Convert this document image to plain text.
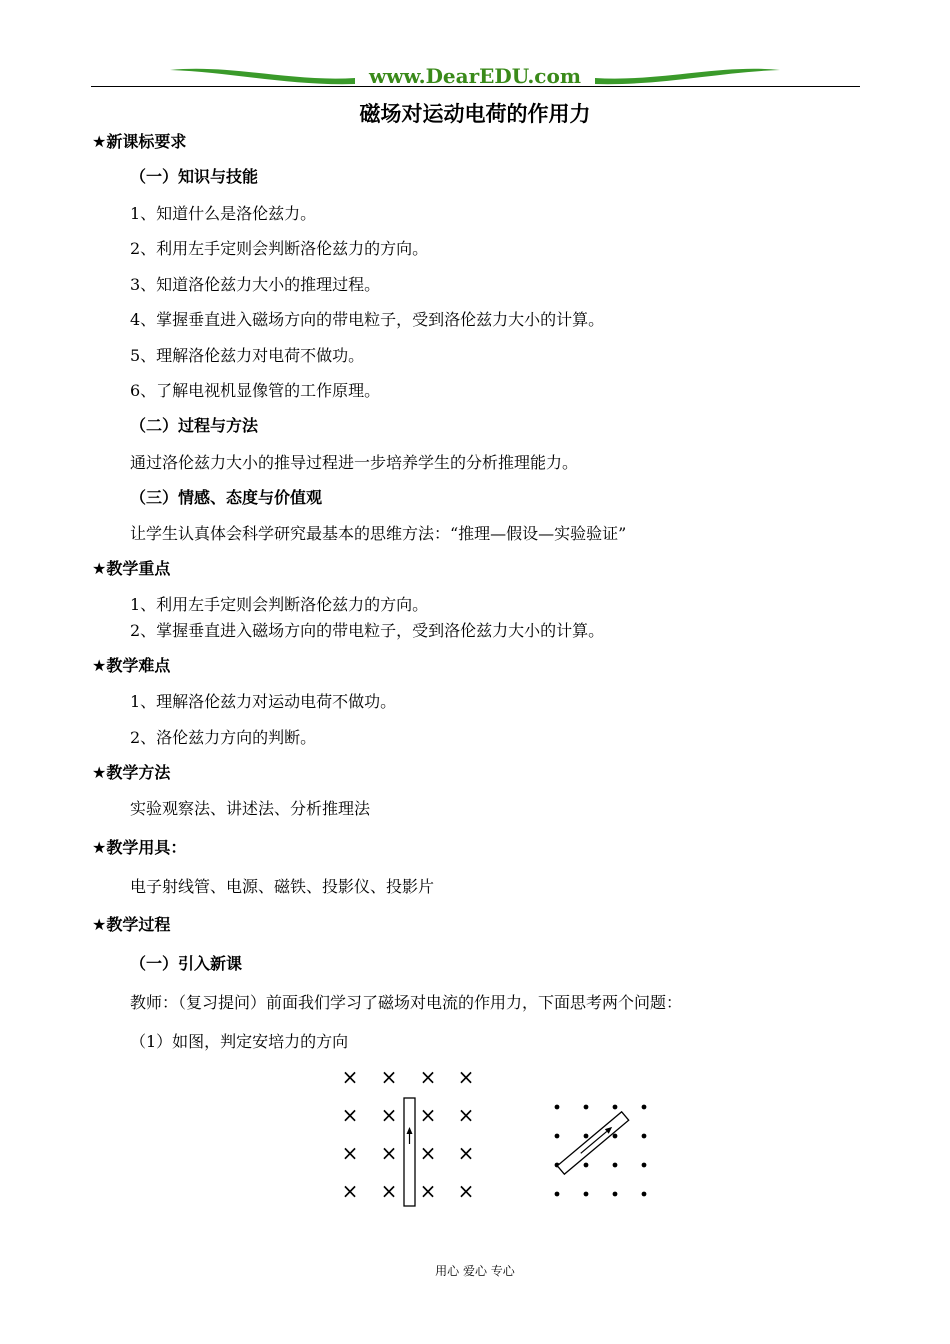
www.DearEDU.com
磁场对运动电荷的作用力
★新课标要求
（一）知识与技能
1、知道什么是洛伦兹力。
2、利用左手定则会判断洛伦兹力的方向。
3、知道洛伦兹力大小的推理过程。
4、掌握垂直进入磁场方向的带电粒子，受到洛伦兹力大小的计算。
5、理解洛伦兹力对电荷不做功。
6、了解电视机显像管的工作原理。
（二）过程与方法
通过洛伦兹力大小的推导过程进一步培养学生的分析推理能力。
（三）情感、态度与价值观
让学生认真体会科学研究最基本的思维方法：“推理—假设—实验验证”
★教学重点
1、利用左手定则会判断洛伦兹力的方向。
2、掌握垂直进入磁场方向的带电粒子，受到洛伦兹力大小的计算。
★教学难点
1、理解洛伦兹力对运动电荷不做功。
2、洛伦兹力方向的判断。
★教学方法
实验观察法、讲述法、分析推理法
★教学用具：
电子射线管、电源、磁铁、投影仪、投影片
★教学过程
（一）引入新课
教师：（复习提问）前面我们学习了磁场对电流的作用力，下面思考两个问题：
（1）如图，判定安培力的方向
× × × ×
× × × ×
× × × ×
× × × ×
用心 爱心 专心
